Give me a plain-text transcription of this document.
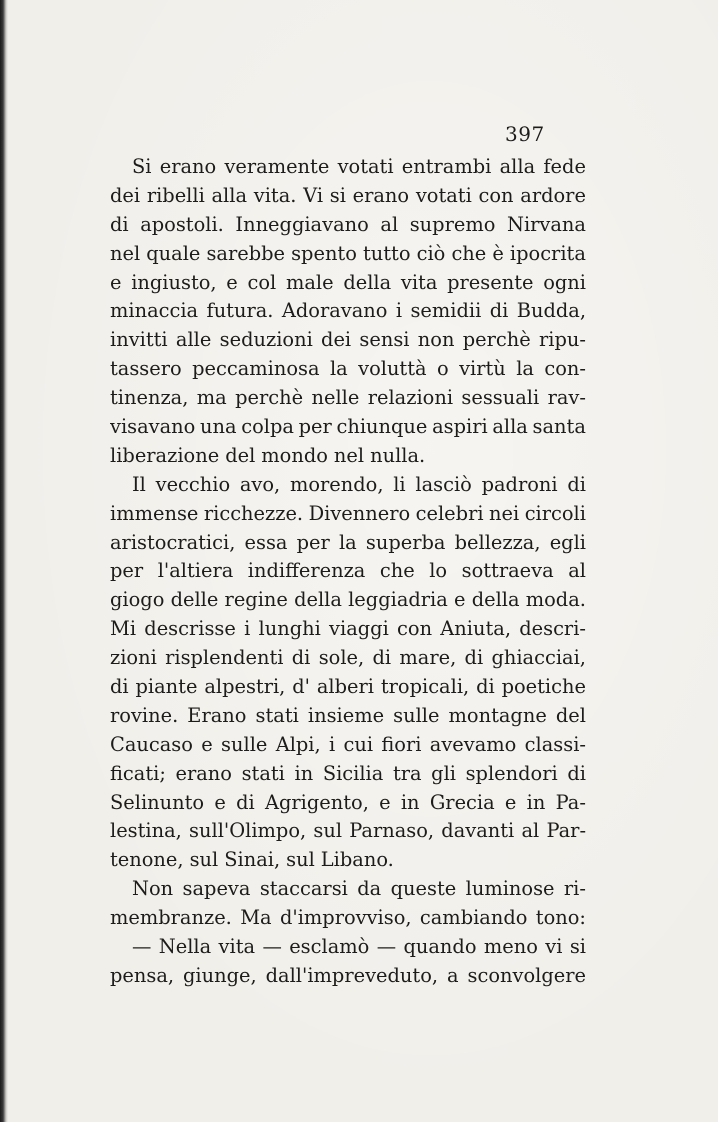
397
Si erano veramente votati entrambi alla fede
dei ribelli alla vita. Vi si erano votati con ardore
di apostoli. Inneggiavano al supremo Nirvana
nel quale sarebbe spento tutto ciò che è ipocrita
e ingiusto, e col male della vita presente ogni
minaccia futura. Adoravano i semidii di Budda,
invitti alle seduzioni dei sensi non perchè ripu-
tassero peccaminosa la voluttà o virtù la con-
tinenza, ma perchè nelle relazioni sessuali rav-
visavano una colpa per chiunque aspiri alla santa
liberazione del mondo nel nulla.
Il vecchio avo, morendo, li lasciò padroni di
immense ricchezze. Divennero celebri nei circoli
aristocratici, essa per la superba bellezza, egli
per l'altiera indifferenza che lo sottraeva al
giogo delle regine della leggiadria e della moda.
Mi descrisse i lunghi viaggi con Aniuta, descri-
zioni risplendenti di sole, di mare, di ghiacciai,
di piante alpestri, d' alberi tropicali, di poetiche
rovine. Erano stati insieme sulle montagne del
Caucaso e sulle Alpi, i cui fiori avevamo classi-
ficati; erano stati in Sicilia tra gli splendori di
Selinunto e di Agrigento, e in Grecia e in Pa-
lestina, sull'Olimpo, sul Parnaso, davanti al Par-
tenone, sul Sinai, sul Libano.
Non sapeva staccarsi da queste luminose ri-
membranze. Ma d'improvviso, cambiando tono:
— Nella vita — esclamò — quando meno vi si
pensa, giunge, dall'impreveduto, a sconvolgere
